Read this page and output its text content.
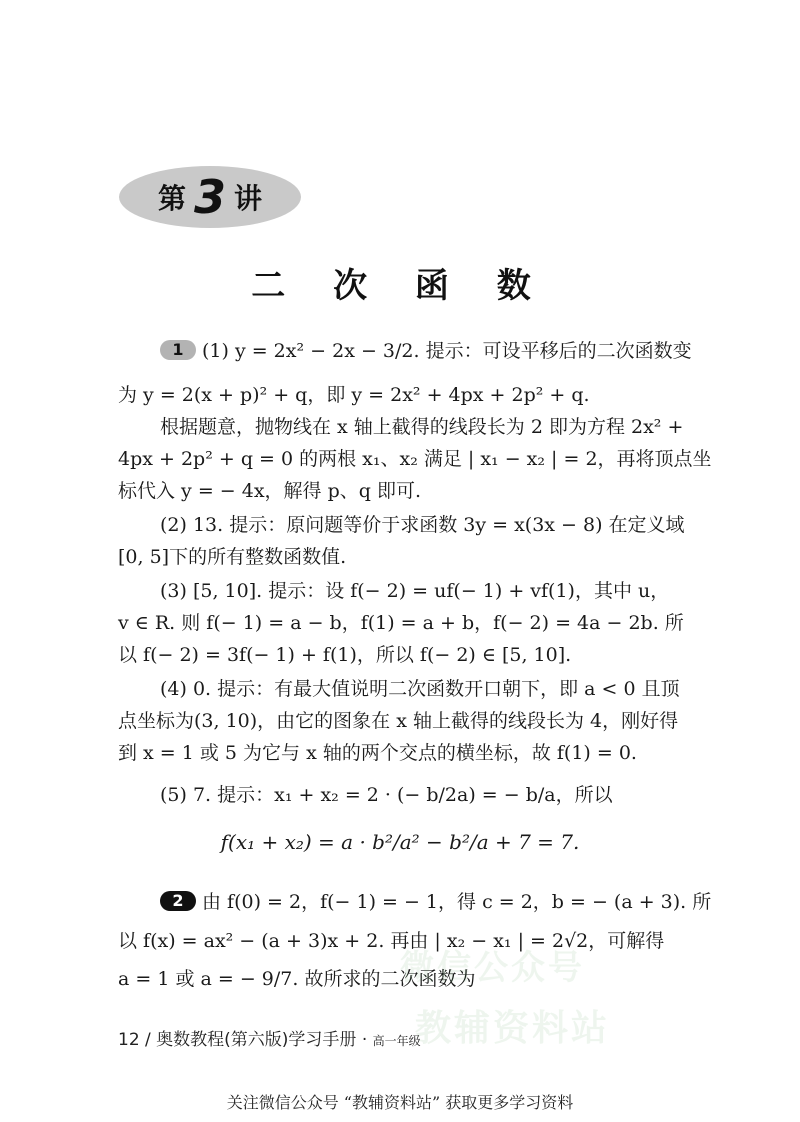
第 3 讲
二 次 函 数
1 (1) y = 2x² − 2x − 3/2. 提示：可设平移后的二次函数变
为 y = 2(x + p)² + q，即 y = 2x² + 4px + 2p² + q.
根据题意，抛物线在 x 轴上截得的线段长为 2 即为方程 2x² +
4px + 2p² + q = 0 的两根 x₁、x₂ 满足 | x₁ − x₂ | = 2，再将顶点坐
标代入 y = − 4x，解得 p、q 即可.
(2) 13. 提示：原问题等价于求函数 3y = x(3x − 8) 在定义域
[0, 5]下的所有整数函数值.
(3) [5, 10]. 提示：设 f(− 2) = uf(− 1) + vf(1)，其中 u，
v ∈ R. 则 f(− 1) = a − b，f(1) = a + b，f(− 2) = 4a − 2b. 所
以 f(− 2) = 3f(− 1) + f(1)，所以 f(− 2) ∈ [5, 10].
(4) 0. 提示：有最大值说明二次函数开口朝下，即 a < 0 且顶
点坐标为(3, 10)，由它的图象在 x 轴上截得的线段长为 4，刚好得
到 x = 1 或 5 为它与 x 轴的两个交点的横坐标，故 f(1) = 0.
(5) 7. 提示：x₁ + x₂ = 2 · (− b/2a) = − b/a，所以
f(x₁ + x₂) = a · b²/a² − b²/a + 7 = 7.
2 由 f(0) = 2，f(− 1) = − 1，得 c = 2，b = − (a + 3). 所
以 f(x) = ax² − (a + 3)x + 2. 再由 | x₂ − x₁ | = 2√2，可解得
a = 1 或 a = − 9/7. 故所求的二次函数为
微信公众号
教辅资料站
12 / 奥数教程(第六版)学习手册 · 高一年级
关注微信公众号 “教辅资料站” 获取更多学习资料
